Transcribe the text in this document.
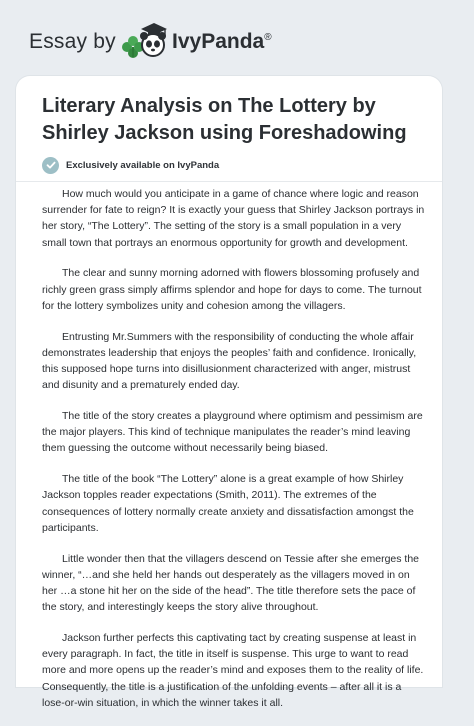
Essay by	IvyPanda®
Literary Analysis on The Lottery by Shirley Jackson using Foreshadowing
Exclusively available on IvyPanda

How much would you anticipate in a game of chance where logic and reason surrender for fate to reign? It is exactly your guess that Shirley Jackson portrays in her story, “The Lottery”. The setting of the story is a small population in a very small town that portrays an enormous opportunity for growth and development.

The clear and sunny morning adorned with flowers blossoming profusely and richly green grass simply affirms splendor and hope for days to come. The turnout for the lottery symbolizes unity and cohesion among the villagers.

Entrusting Mr.Summers with the responsibility of conducting the whole affair demonstrates leadership that enjoys the peoples’ faith and confidence. Ironically, this supposed hope turns into disillusionment characterized with anger, mistrust and disunity and a prematurely ended day.

The title of the story creates a playground where optimism and pessimism are the major players. This kind of technique manipulates the reader’s mind leaving them guessing the outcome without necessarily being biased.

The title of the book “The Lottery” alone is a great example of how Shirley Jackson topples reader expectations (Smith, 2011). The extremes of the consequences of lottery normally create anxiety and dissatisfaction amongst the participants.

Little wonder then that the villagers descend on Tessie after she emerges the winner, “…and she held her hands out desperately as the villagers moved in on her …a stone hit her on the side of the head”. The title therefore sets the pace of the story, and interestingly keeps the story alive throughout.

Jackson further perfects this captivating tact by creating suspense at least in every paragraph. In fact, the title in itself is suspense. This urge to want to read more and more opens up the reader’s mind and exposes them to the reality of life. Consequently, the title is a justification of the unfolding events – after all it is a lose-or-win situation, in which the winner takes it all.
